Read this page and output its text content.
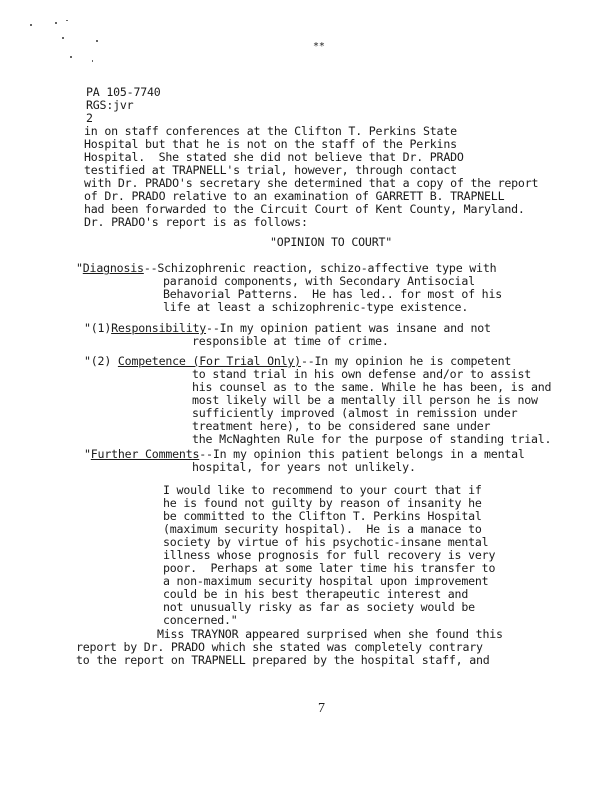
**
PA 105-7740
RGS:jvr
2
in on staff conferences at the Clifton T. Perkins State
Hospital but that he is not on the staff of the Perkins
Hospital.  She stated she did not believe that Dr. PRADO
testified at TRAPNELL's trial, however, through contact
with Dr. PRADO's secretary she determined that a copy of the report
of Dr. PRADO relative to an examination of GARRETT B. TRAPNELL
had been forwarded to the Circuit Court of Kent County, Maryland.
Dr. PRADO's report is as follows:
"OPINION TO COURT"
"Diagnosis--Schizophrenic reaction, schizo-affective type with
paranoid components, with Secondary Antisocial
Behavorial Patterns.  He has led.. for most of his
life at least a schizophrenic-type existence.
"(1)Responsibility--In my opinion patient was insane and not
responsible at time of crime.
"(2) Competence (For Trial Only)--In my opinion he is competent
to stand trial in his own defense and/or to assist
his counsel as to the same. While he has been, is and
most likely will be a mentally ill person he is now
sufficiently improved (almost in remission under
treatment here), to be considered sane under
the McNaghten Rule for the purpose of standing trial.
"Further Comments--In my opinion this patient belongs in a mental
hospital, for years not unlikely.
I would like to recommend to your court that if
he is found not guilty by reason of insanity he
be committed to the Clifton T. Perkins Hospital
(maximum security hospital).  He is a manace to
society by virtue of his psychotic-insane mental
illness whose prognosis for full recovery is very
poor.  Perhaps at some later time his transfer to
a non-maximum security hospital upon improvement
could be in his best therapeutic interest and
not unusually risky as far as society would be
concerned."
Miss TRAYNOR appeared surprised when she found this
report by Dr. PRADO which she stated was completely contrary
to the report on TRAPNELL prepared by the hospital staff, and
7
